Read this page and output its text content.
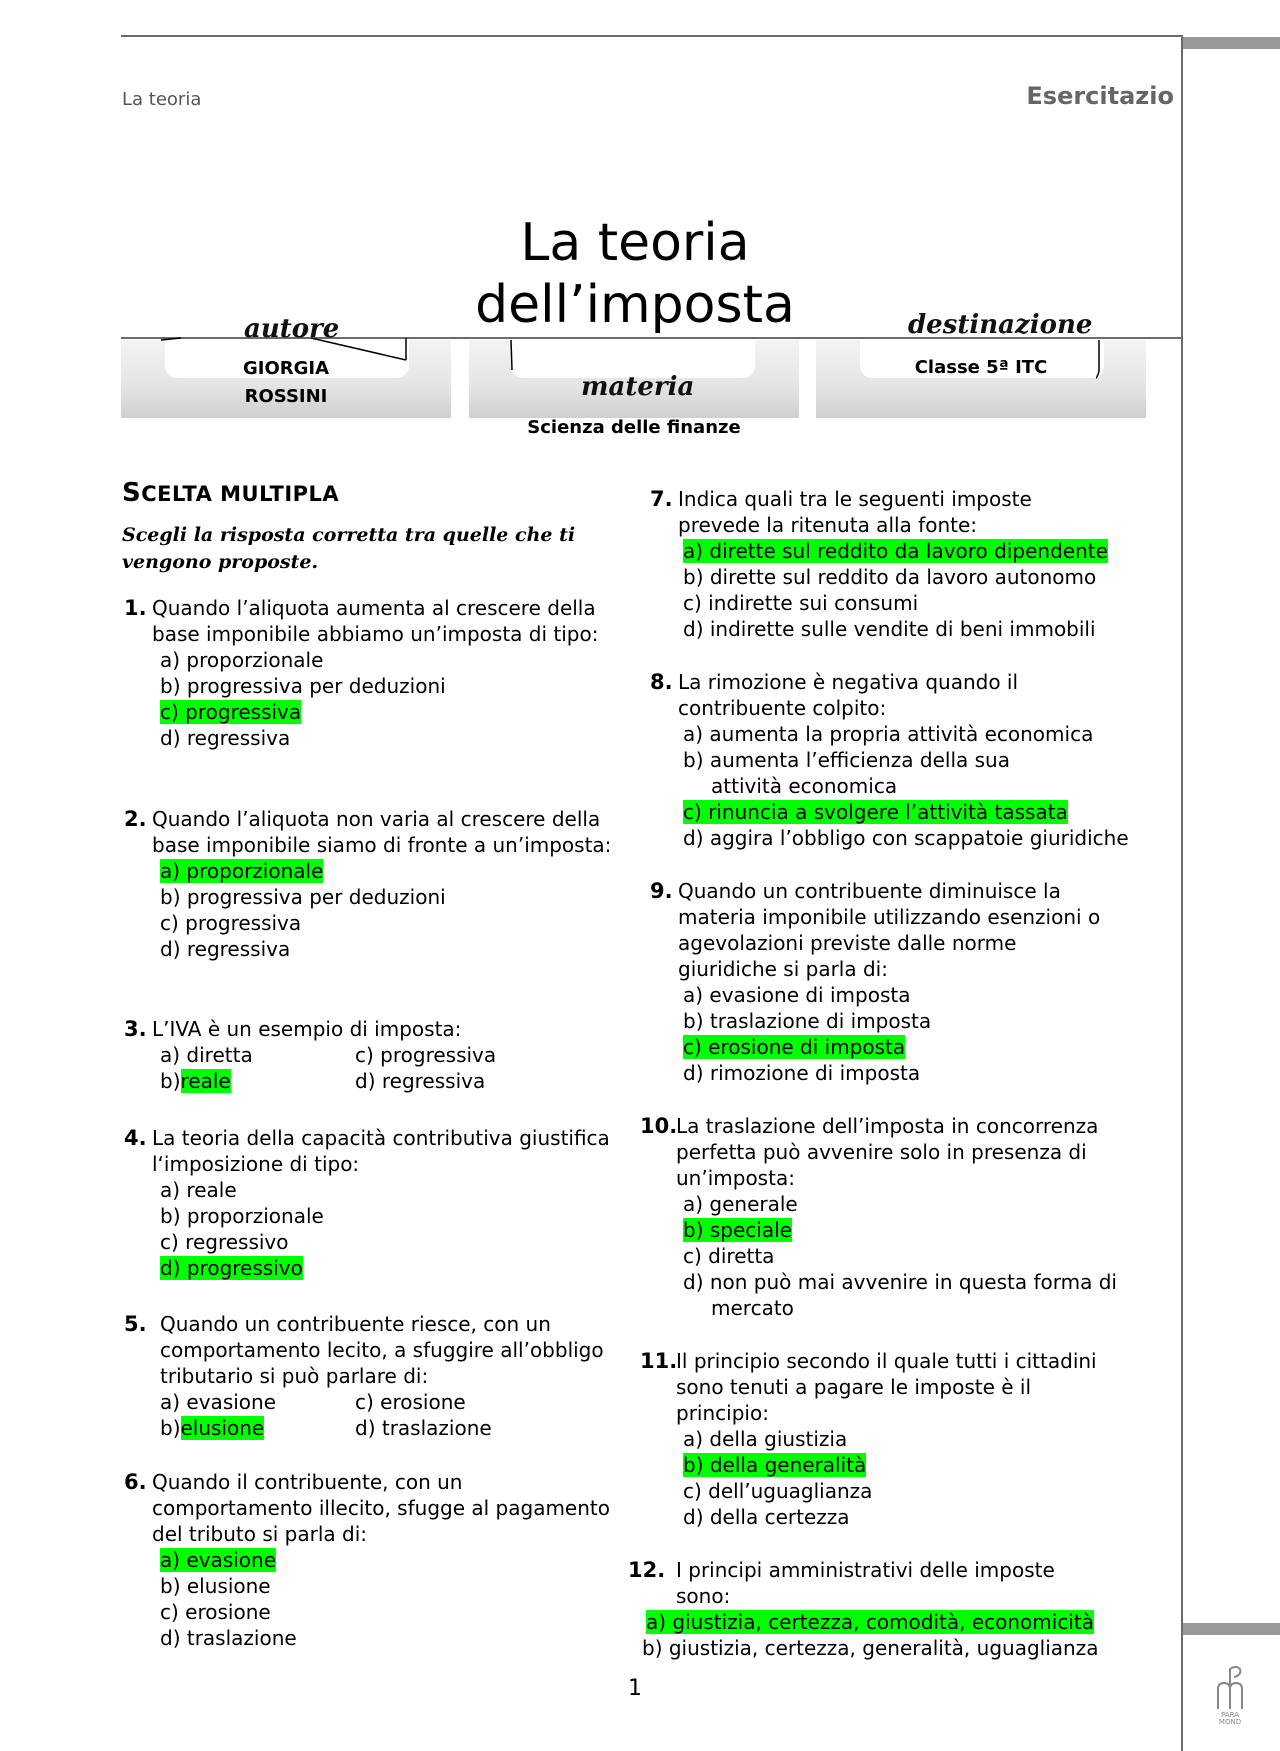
La teoria	Esercitazio
La teoria
dell’imposta
GIORGIA
ROSSINI
autore
materia
Scienza delle finanze
Classe 5ª ITC
destinazione
SCELTA MULTIPLA
Scegli la risposta corretta tra quelle che ti vengono proposte.
1. Quando l’aliquota aumenta al crescere della base imponibile abbiamo un’imposta di tipo:
a) proporzionale
b) progressiva per deduzioni
c) progressiva
d) regressiva
2. Quando l’aliquota non varia al crescere della base imponibile siamo di fronte a un’imposta:
a) proporzionale
b) progressiva per deduzioni
c) progressiva
d) regressiva
3. L’IVA è un esempio di imposta:
a) diretta	c) progressiva
b)reale	d) regressiva
4. La teoria della capacità contributiva giustifica l‘imposizione di tipo:
a) reale
b) proporzionale
c) regressivo
d) progressivo
5. Quando un contribuente riesce, con un comportamento lecito, a sfuggire all’obbligo tributario si può parlare di:
a) evasione	c) erosione
b)elusione	d) traslazione
6. Quando il contribuente, con un comportamento illecito, sfugge al pagamento del tributo si parla di:
a) evasione
b) elusione
c) erosione
d) traslazione
7. Indica quali tra le seguenti imposte prevede la ritenuta alla fonte:
a) dirette sul reddito da lavoro dipendente
b) dirette sul reddito da lavoro autonomo
c) indirette sui consumi
d) indirette sulle vendite di beni immobili
8. La rimozione è negativa quando il contribuente colpito:
a) aumenta la propria attività economica
b) aumenta l’efficienza della sua attività economica
c) rinuncia a svolgere l’attività tassata
d) aggira l’obbligo con scappatoie giuridiche
9. Quando un contribuente diminuisce la materia imponibile utilizzando esenzioni o agevolazioni previste dalle norme giuridiche si parla di:
a) evasione di imposta
b) traslazione di imposta
c) erosione di imposta
d) rimozione di imposta
10.
La traslazione dell’imposta in concorrenza perfetta può avvenire solo in presenza di un’imposta:
a) generale
b) speciale
c) diretta
d) non può mai avvenire in questa forma di mercato
11.
Il principio secondo il quale tutti i cittadini sono tenuti a pagare le imposte è il principio:
a) della giustizia
b) della generalità
c) dell’uguaglianza
d) della certezza
12. I principi amministrativi delle imposte sono:
a) giustizia, certezza, comodità, economicità
b) giustizia, certezza, generalità, uguaglianza
1
PARA
MOND
